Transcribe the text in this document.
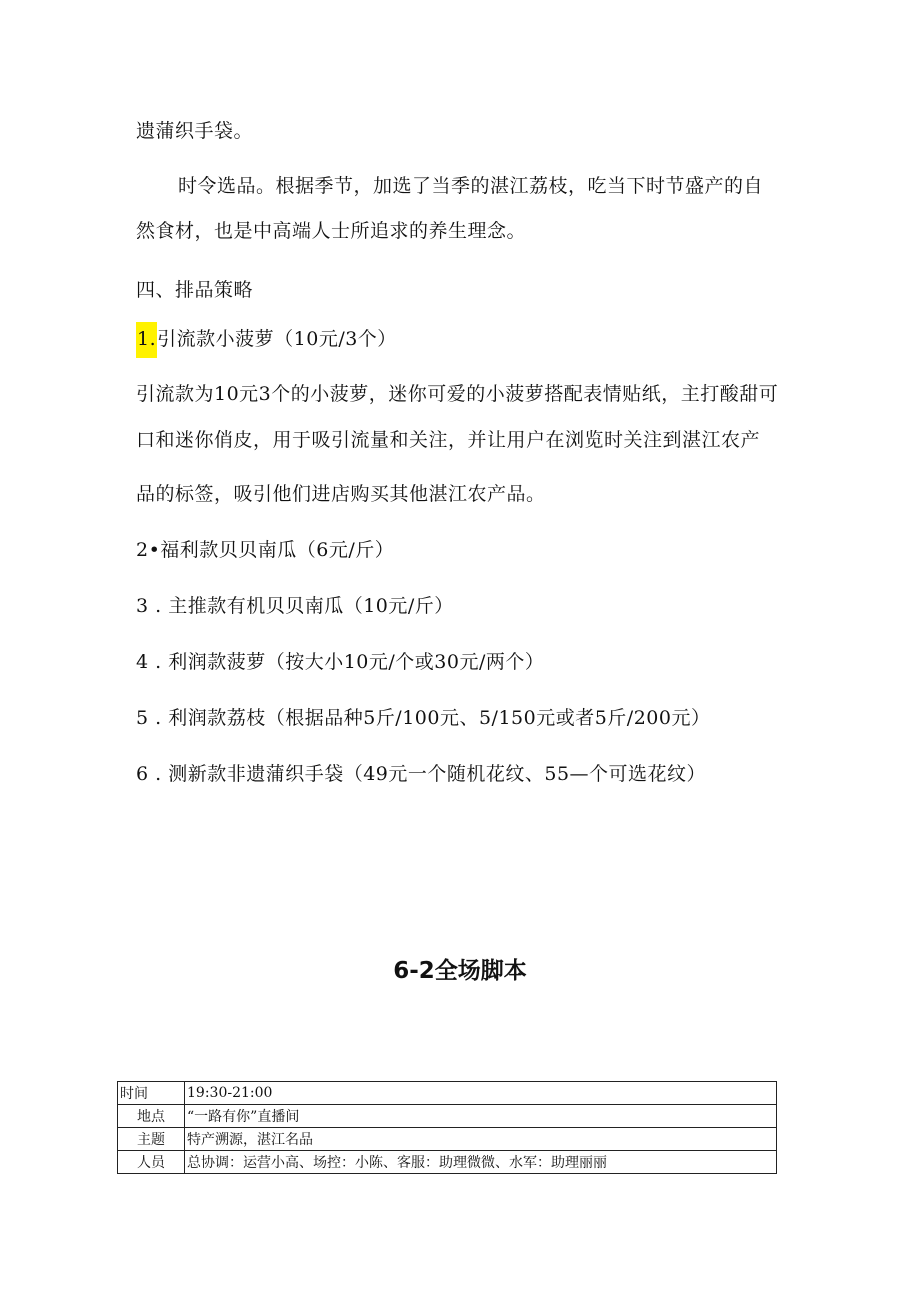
遗蒲织手袋。
时令选品。根据季节，加选了当季的湛江荔枝，吃当下时节盛产的自
然食材，也是中高端人士所追求的养生理念。
四、排品策略
1.引流款小菠萝（10元/3个）
引流款为10元3个的小菠萝，迷你可爱的小菠萝搭配表情贴纸，主打酸甜可
口和迷你俏皮，用于吸引流量和关注，并让用户在浏览时关注到湛江农产
品的标签，吸引他们进店购买其他湛江农产品。
2•福利款贝贝南瓜（6元/斤）
3 . 主推款有机贝贝南瓜（10元/斤）
4 . 利润款菠萝（按大小10元/个或30元/两个）
5 . 利润款荔枝（根据品种5斤/100元、5/150元或者5斤/200元）
6 . 测新款非遗蒲织手袋（49元一个随机花纹、55—个可选花纹）
6-2全场脚本
时间	19:30-21:00
地点	“一路有你”直播间
主题	特产溯源，湛江名品
人员	总协调：运营小高、场控：小陈、客服：助理微微、水军：助理丽丽
